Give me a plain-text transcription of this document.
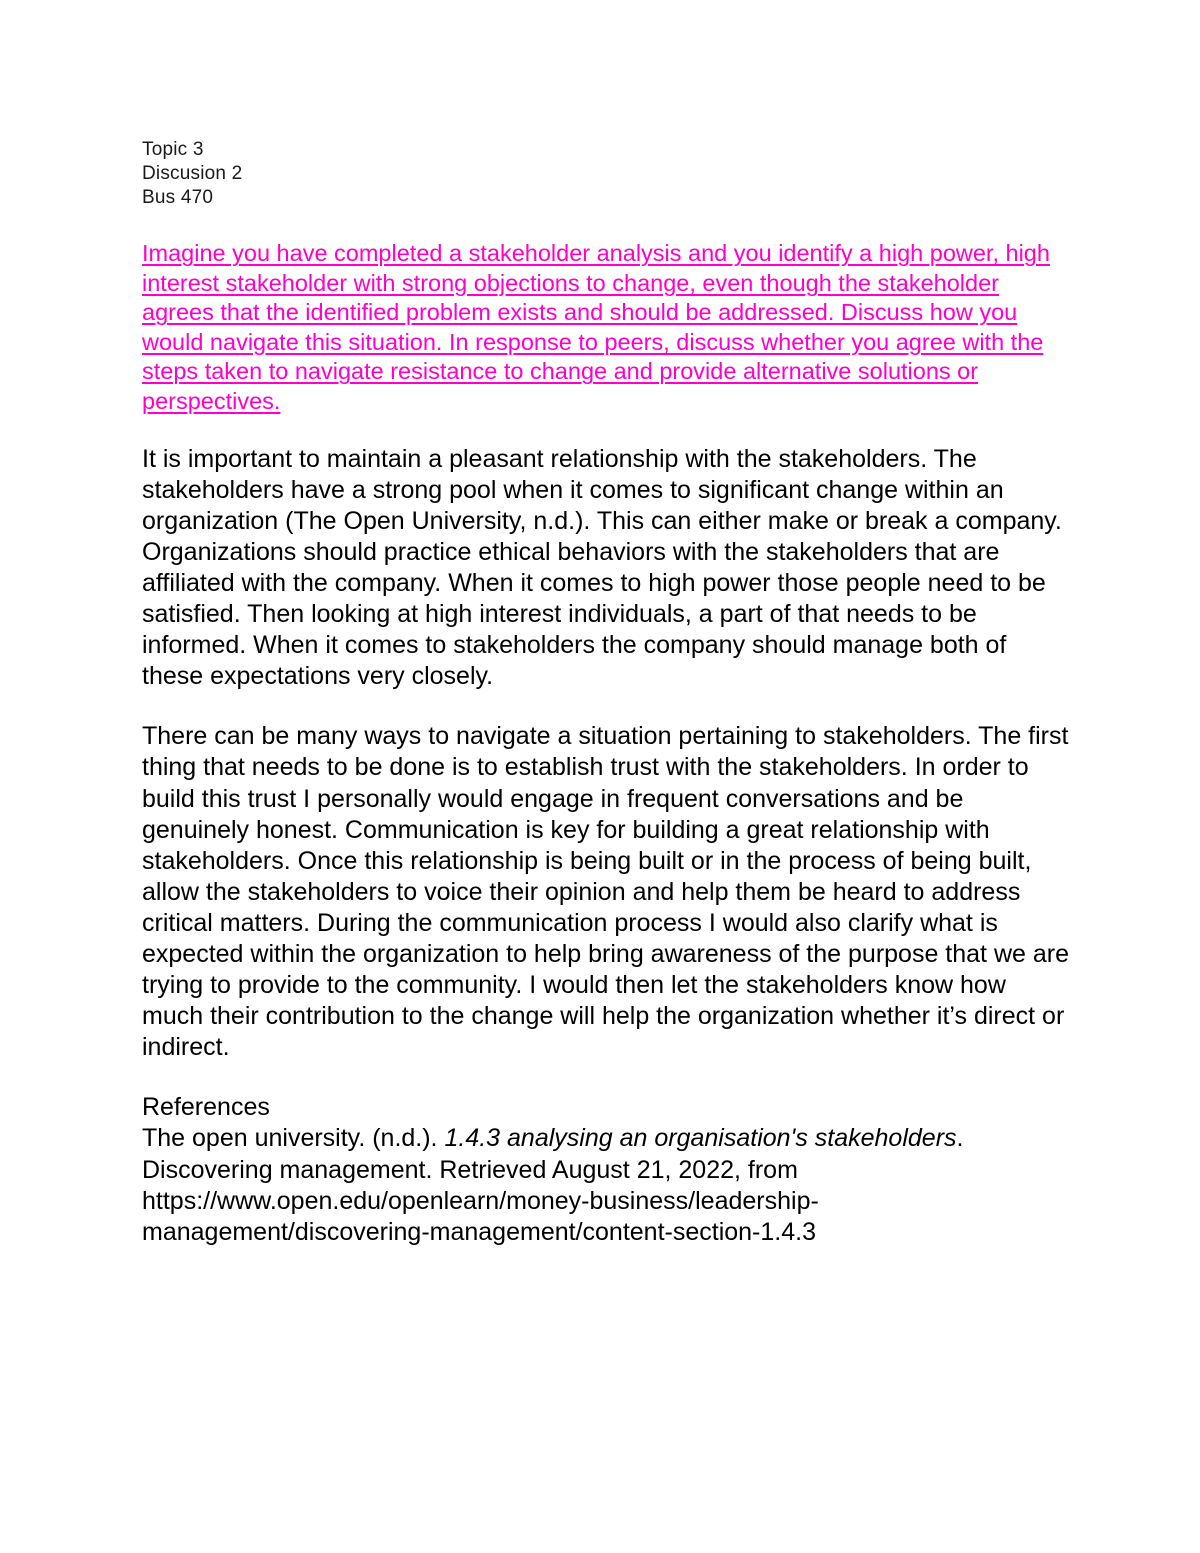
Topic 3
Discusion 2
Bus 470
Imagine you have completed a stakeholder analysis and you identify a high power, high interest stakeholder with strong objections to change, even though the stakeholder agrees that the identified problem exists and should be addressed. Discuss how you would navigate this situation. In response to peers, discuss whether you agree with the steps taken to navigate resistance to change and provide alternative solutions or perspectives.
It is important to maintain a pleasant relationship with the stakeholders. The stakeholders have a strong pool when it comes to significant change within an organization (The Open University, n.d.). This can either make or break a company. Organizations should practice ethical behaviors with the stakeholders that are affiliated with the company. When it comes to high power those people need to be satisfied. Then looking at high interest individuals, a part of that needs to be informed. When it comes to stakeholders the company should manage both of these expectations very closely.
There can be many ways to navigate a situation pertaining to stakeholders. The first thing that needs to be done is to establish trust with the stakeholders. In order to build this trust I personally would engage in frequent conversations and be genuinely honest. Communication is key for building a great relationship with stakeholders. Once this relationship is being built or in the process of being built, allow the stakeholders to voice their opinion and help them be heard to address critical matters. During the communication process I would also clarify what is expected within the organization to help bring awareness of the purpose that we are trying to provide to the community. I would then let the stakeholders know how much their contribution to the change will help the organization whether it’s direct or indirect.
References
The open university. (n.d.). 1.4.3 analysing an organisation's stakeholders. Discovering management. Retrieved August 21, 2022, from https://www.open.edu/openlearn/money-business/leadership-management/discovering-management/content-section-1.4.3
